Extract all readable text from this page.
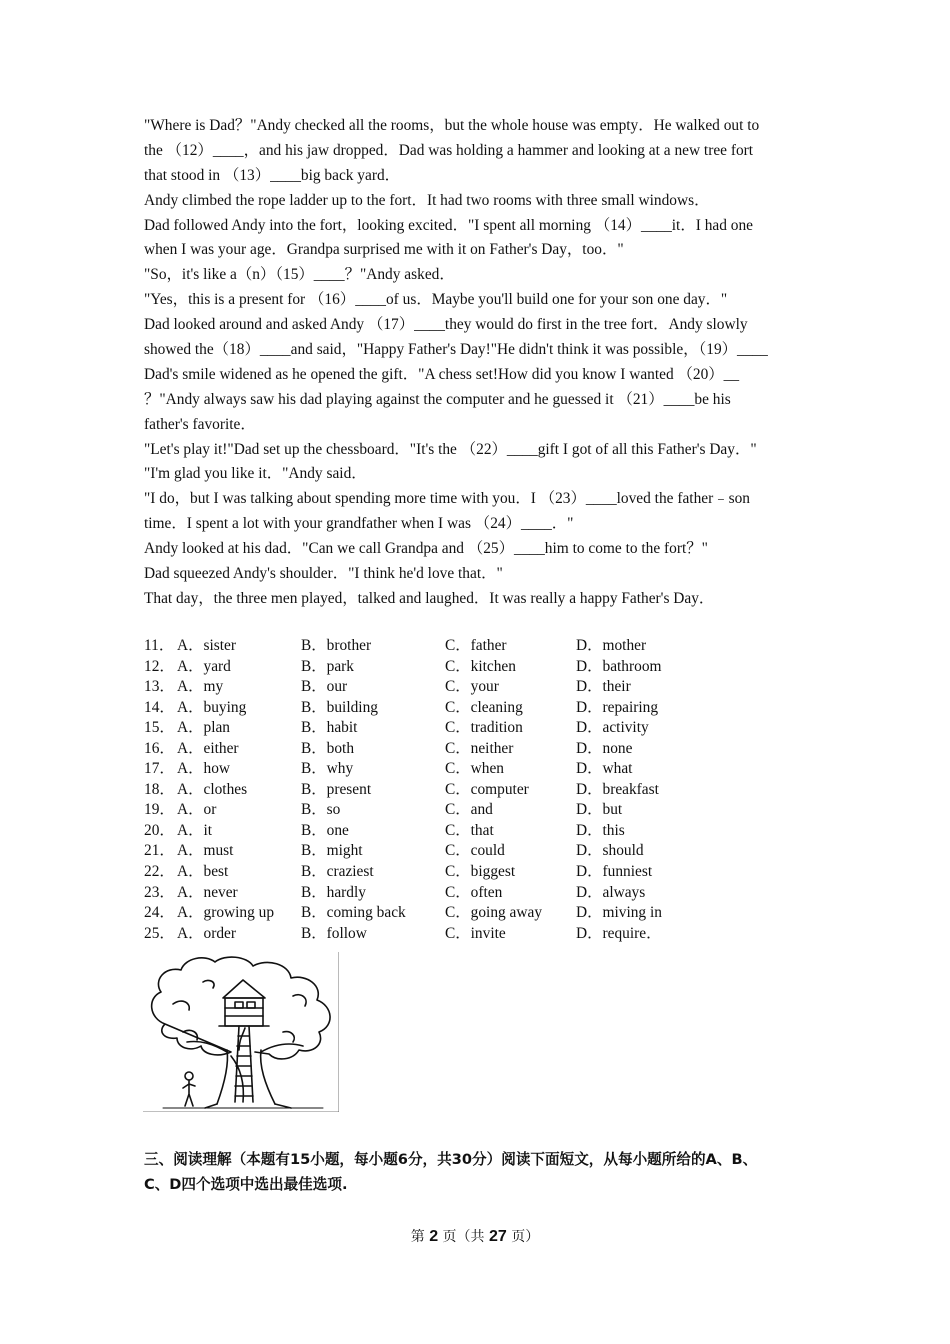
"Where is Dad？"Andy checked all the rooms，but the whole house was empty．He walked out to
the （12）____，and his jaw dropped．Dad was holding a hammer and looking at a new tree fort
that stood in （13）____big back yard．
Andy climbed the rope ladder up to the fort．It had two rooms with three small windows．
Dad followed Andy into the fort，looking excited．"I spent all morning （14）____it．I had one
when I was your age．Grandpa surprised me with it on Father's Day，too．"
"So，it's like a（n）（15）____？"Andy asked．
"Yes，this is a present for （16）____of us．Maybe you'll build one for your son one day．"
Dad looked around and asked Andy （17）____they would do first in the tree fort．Andy slowly
showed the（18）____and said，"Happy Father's Day!"He didn't think it was possible，（19）____
Dad's smile widened as he opened the gift．"A chess set!How did you know I wanted （20）__
？"Andy always saw his dad playing against the computer and he guessed it （21）____be his
father's favorite．
"Let's play it!"Dad set up the chessboard．"It's the （22）____gift I got of all this Father's Day．"
"I'm glad you like it．"Andy said．
"I do，but I was talking about spending more time with you．I （23）____loved the father﹣son
time．I spent a lot with your grandfather when I was （24）____．"
Andy looked at his dad．"Can we call Grandpa and （25）____him to come to the fort？"
Dad squeezed Andy's shoulder．"I think he'd love that．"
That day，the three men played，talked and laughed．It was really a happy Father's Day．
11． A．sister	B．brother	C．father	D．mother
12． A．yard	B．park	C．kitchen	D．bathroom
13． A．my	B．our	C．your	D．their
14． A．buying	B．building	C．cleaning	D．repairing
15． A．plan	B．habit	C．tradition	D．activity
16． A．either	B．both	C．neither	D．none
17． A．how	B．why	C．when	D．what
18． A．clothes	B．present	C．computer	D．breakfast
19． A．or	B．so	C．and	D．but
20． A．it	B．one	C．that	D．this
21． A．must	B．might	C．could	D．should
22． A．best	B．craziest	C．biggest	D．funniest
23． A．never	B．hardly	C．often	D．always
24． A．growing up B．coming back	C．going away D．miving in
25． A．order	B．follow	C．invite	D．require．
三、阅读理解（本题有15小题，每小题6分，共30分）阅读下面短文，从每小题所给的A、B、
C、D四个选项中选出最佳选项.
第 2 页（共 27 页）
